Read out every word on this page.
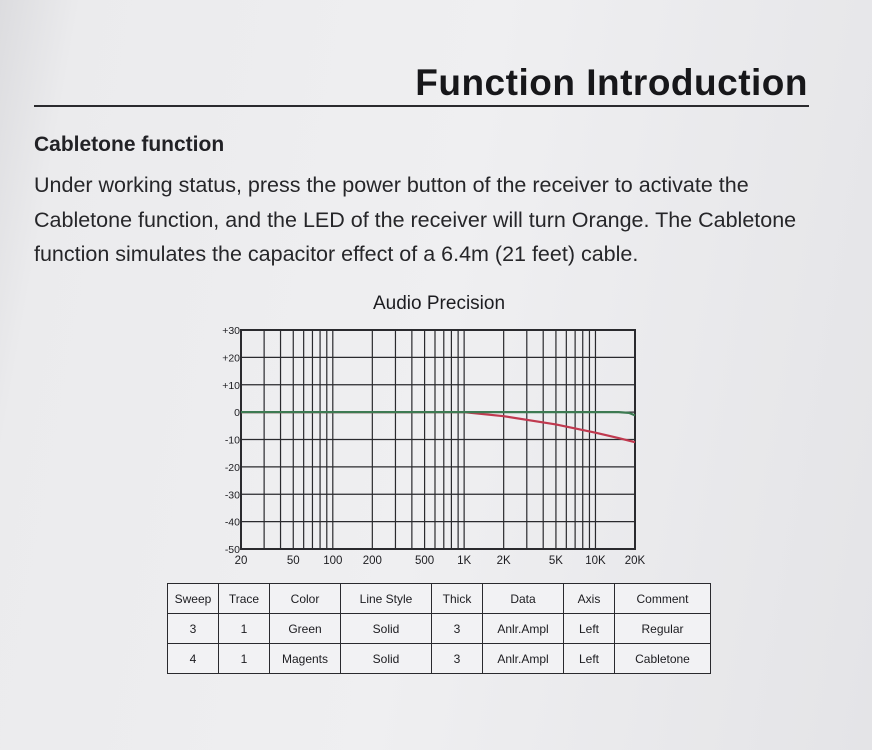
Function Introduction
Cabletone function
Under working status, press the power button of the receiver to activate the Cabletone function, and the LED of the receiver will turn Orange. The Cabletone function simulates the capacitor effect of a 6.4m (21 feet) cable.
Audio Precision
+30
+20
+10
0
-10
-20
-30
-40
-50
20	50 100 200	500 1K 2K	5K 10K 20K
Sweep	Trace	Color	Line Style	Thick	Data	Axis	Comment
3	1	Green	Solid	3	Anlr.Ampl	Left	Regular
4	1	Magents	Solid	3	Anlr.Ampl	Left	Cabletone
